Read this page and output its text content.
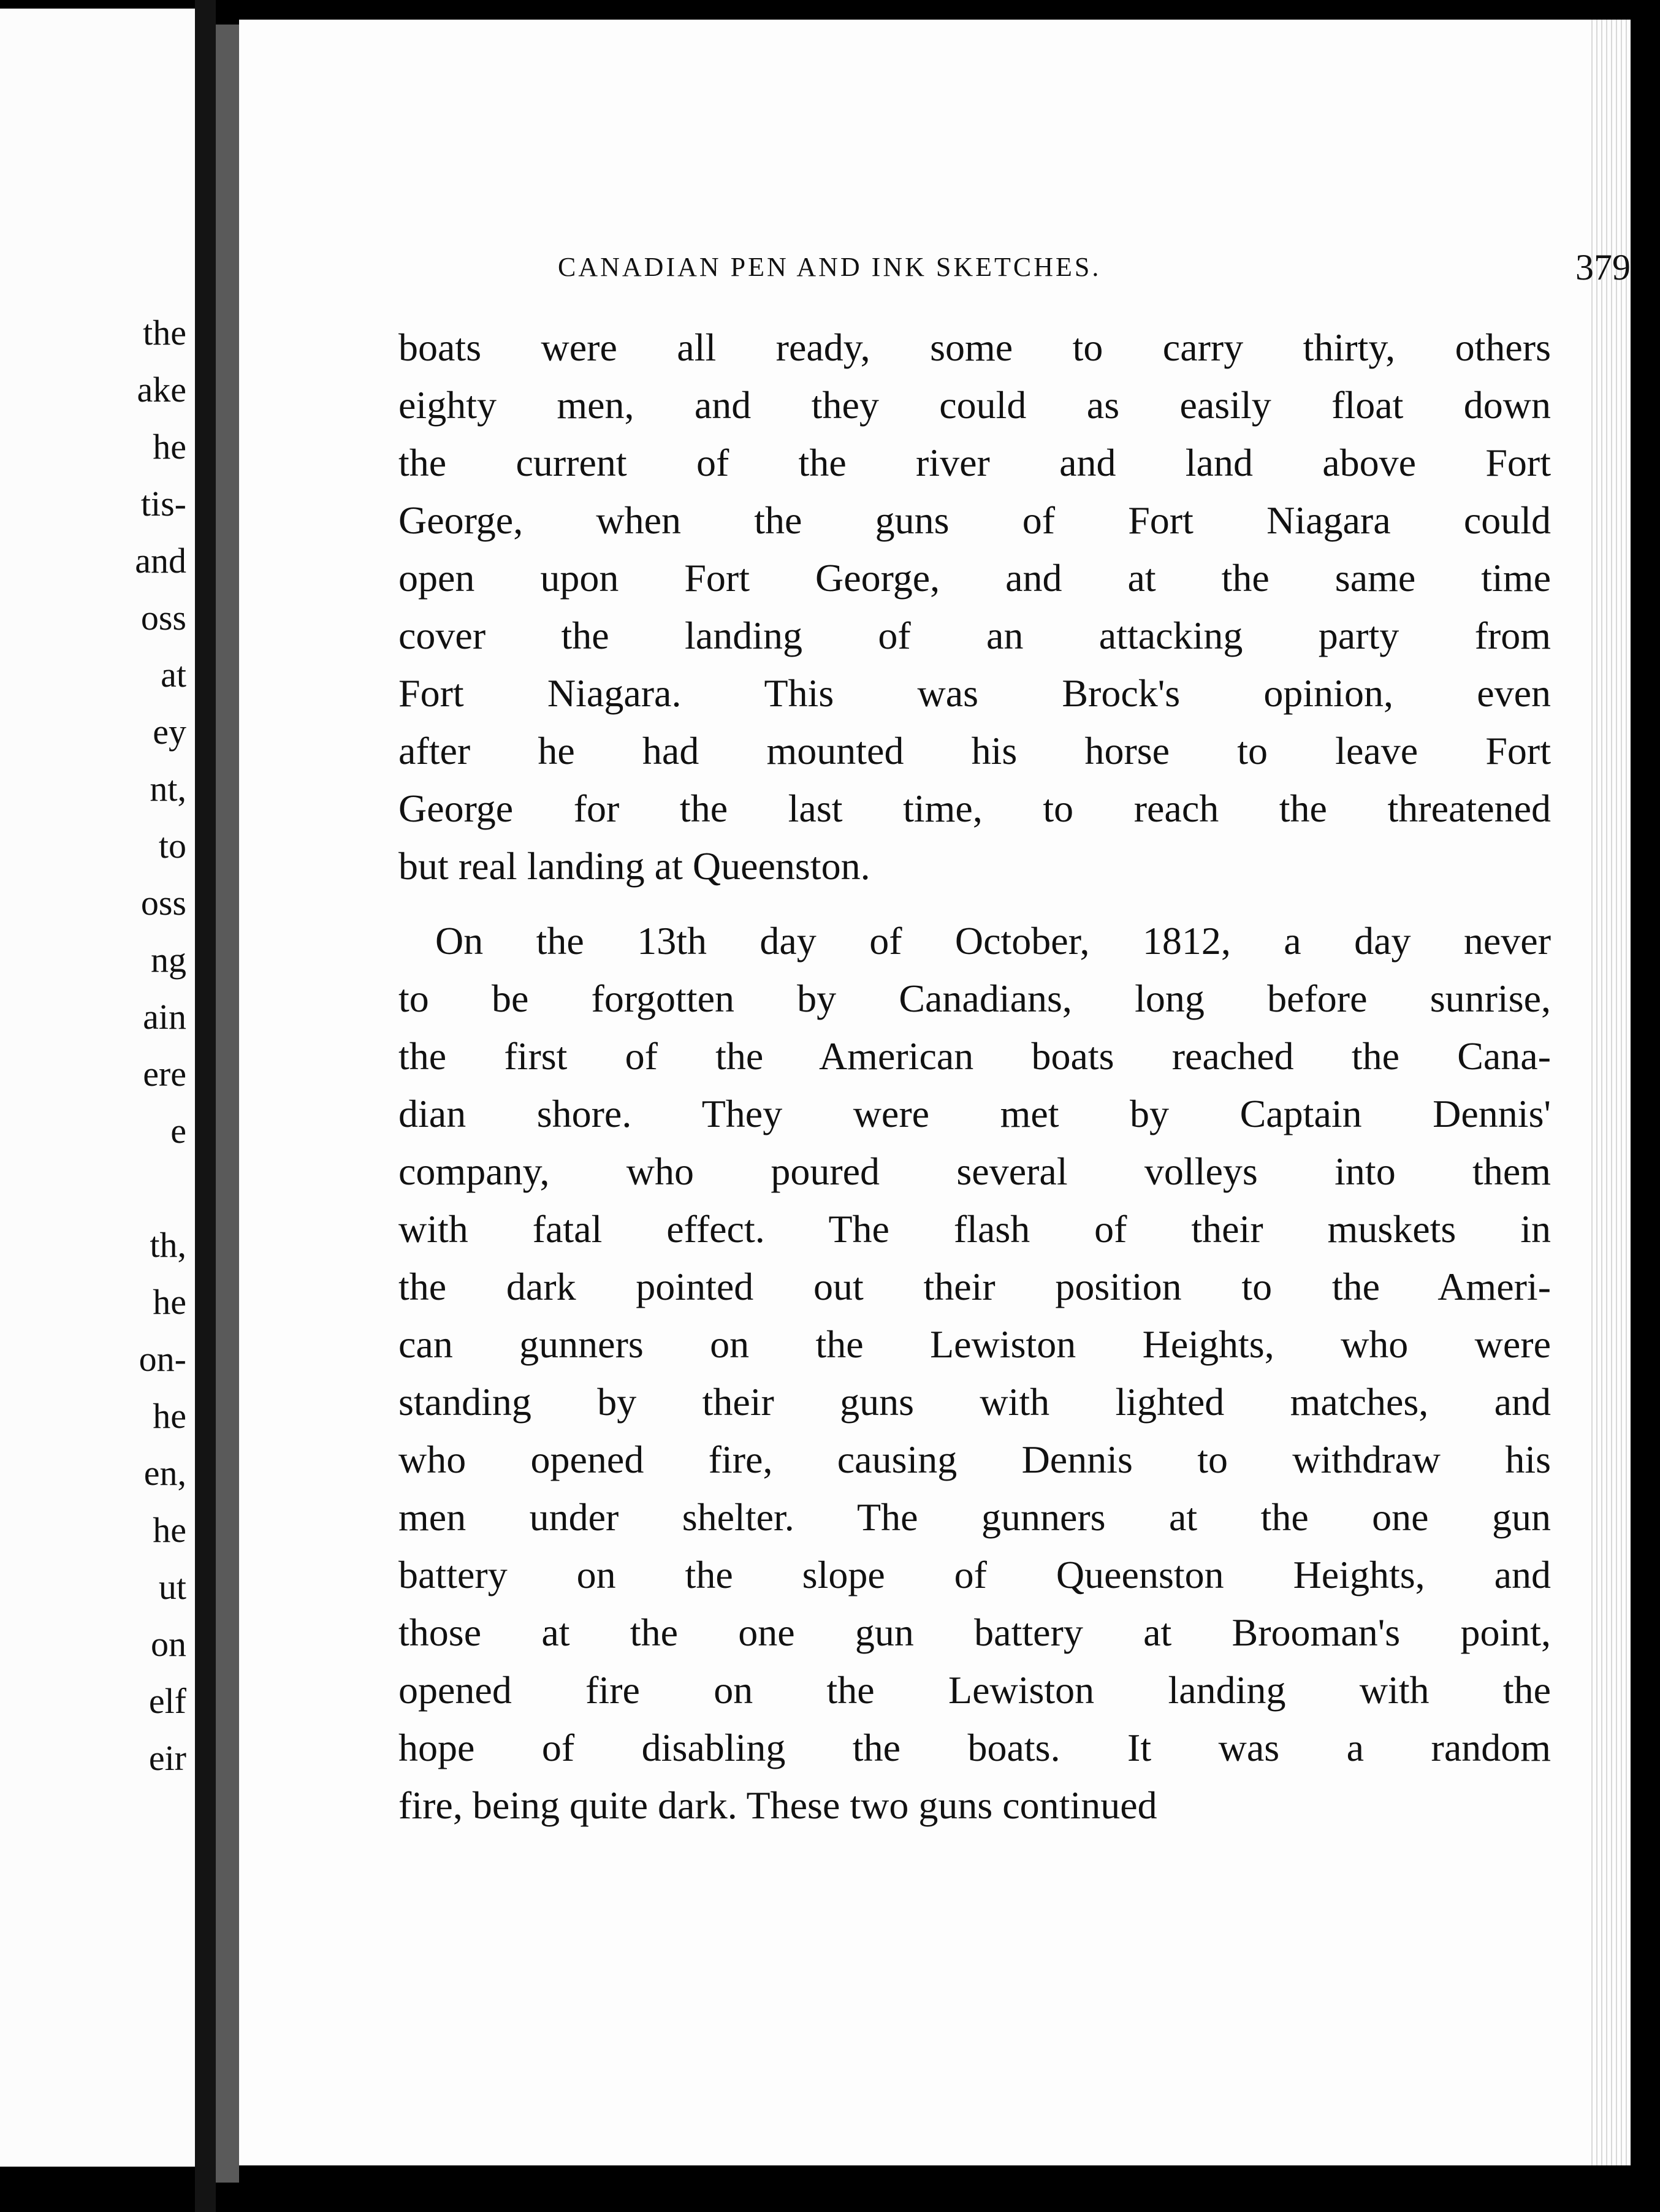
the
ake
he
tis-
and
oss
at
ey
nt,
to
oss
ng
ain
ere
e
th,
he
on-
he
en,
he
ut
on
elf
eir
CANADIAN PEN AND INK SKETCHES.	379
boats were all ready, some to carry thirty, others
eighty men, and they could as easily float down
the current of the river and land above Fort
George, when the guns of Fort Niagara could
open upon Fort George, and at the same time
cover the landing of an attacking party from
Fort Niagara. This was Brock's opinion, even
after he had mounted his horse to leave Fort
George for the last time, to reach the threatened
but real landing at Queenston.
On the 13th day of October, 1812, a day never
to be forgotten by Canadians, long before sunrise,
the first of the American boats reached the Cana-
dian shore. They were met by Captain Dennis'
company, who poured several volleys into them
with fatal effect. The flash of their muskets in
the dark pointed out their position to the Ameri-
can gunners on the Lewiston Heights, who were
standing by their guns with lighted matches, and
who opened fire, causing Dennis to withdraw his
men under shelter. The gunners at the one gun
battery on the slope of Queenston Heights, and
those at the one gun battery at Brooman's point,
opened fire on the Lewiston landing with the
hope of disabling the boats. It was a random
fire, being quite dark. These two guns continued
